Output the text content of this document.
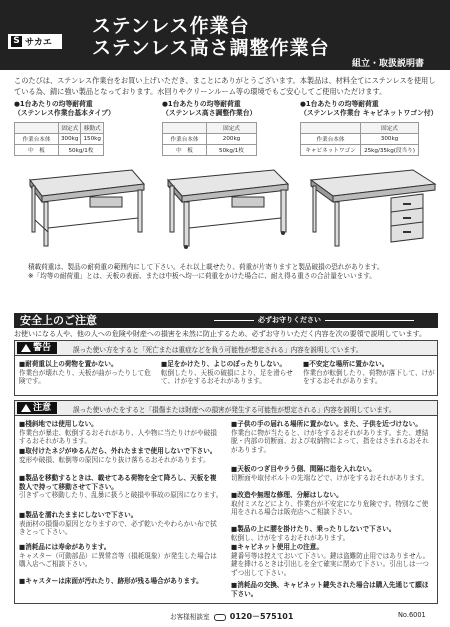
S サカエ
ステンレス作業台
ステンレス高さ調整作業台
組立・取扱説明書
このたびは、ステンレス作業台をお買い上げいただき、まことにありがとうございます。本製品は、材料全てにステンレスを使用している為、錆に強い製品となっております。水回りやクリーンルーム等の環境でもご安心してご使用いただけます。
●1台あたりの均等耐荷重
（ステンレス作業台基本タイプ）
	固定式	移動式
作業台本体	300kg	150kg
中　板	50kg/1枚	
●1台あたりの均等耐荷重
（ステンレス高さ調整作業台）
	固定式
作業台本体	200kg
中　板	50kg/1枚
●1台あたりの均等耐荷重
（ステンレス作業台 キャビネットワゴン付）
	固定式
作業台本体	300kg
キャビネットワゴン	25kg/35kg(段当り)
積載荷重は、製品の耐荷重の範囲内にして下さい。それ以上載せたり、荷重が片寄りますと製品破損の恐れがあります。
※「均等の耐荷重」とは、天板の表面、または中板へ均一に荷重をかけた場合に、耐え得る重さの合計量をいいます。
安全上のご注意	必ずお守りください
お使いになる人や、他の人への危険や財産への損害を未然に防止するため、必ずお守りいただく内容を次の要領で説明しています。
警告	誤った使い方をすると「死亡または重症などを負う可能性が想定される」内容を説明しています。
■耐荷重以上の荷物を置かない。
作業台が壊れたり、天板が曲がったりして危険です。
■足をかけたり、よじのぼったりしない。
転倒したり、天板の破損により、足を滑らせて、けがをするおそれがあります。
■不安定な場所に置かない。
作業台が転倒したり、荷物が落下して、けがをするおそれがあります。
注意	誤った使いかたをすると「損傷または財産への損害が発生する可能性が想定される」内容を説明しています。
■棧斜地では使用しない。
作業台が暴走、転倒するおそれがあり、人や物に当たりけがや破損するおそれがあります。
■取付けたネジがゆるんだら、外れたままで使用しないで下さい。
変形や破損、転倒等の原因になり抜け落ちるおそれがあります。
■製品を移動するときは、載せてある荷物を全て降ろし、天板を複数人で持って移動させて下さい。
引きずって移動したり、乱暴に扱うと破損や事故の原因になります。
■製品を濡れたままにしないで下さい。
表面材の損傷の原因となりますので、必ず乾いたやわらかい布で拭きとって下さい。
■消耗品には寿命があります。
キャスター（可動部品）に異常音等（損耗現象）が発生した場合は購入店へご相談下さい。
■キャスターは床面が汚れたり、跡形が残る場合があります。
■子供の手の届れる場所に置かない。また、子供を近づけない。
作業台に物が当たると、けがをするおそれがあります。また、連結脱・内部の切断面、および収納物によって、指をはさまれるおそれがあります。
■天板のつぎ目やラう側、間隔に指を入れない。
切断面や取付ボルトの先端などで、けがをするおそれがあります。
■改造や無理な修理、分解はしない。
取付ミスなどにより、作業台が不安定になり危険です。特別なご使用をされる場合は販売店へご相談下さい。
■製品の上に腰を掛けたり、乗ったりしないで下さい。
転倒し、けがをするおそれがあります。
■キャビネット使用上の注意。
鍵番号等は控えておいて下さい。鍵は盗難防止用ではありません。鍵を挿けるときは引出しを全て確実に閉めて下さい。引出しは一つずつ出して下さい。
■消耗品の交換、キャビネット鍵失された場合は購入先通じて願ほ下さい。
お客様相談室	0120－575101	No.6001
